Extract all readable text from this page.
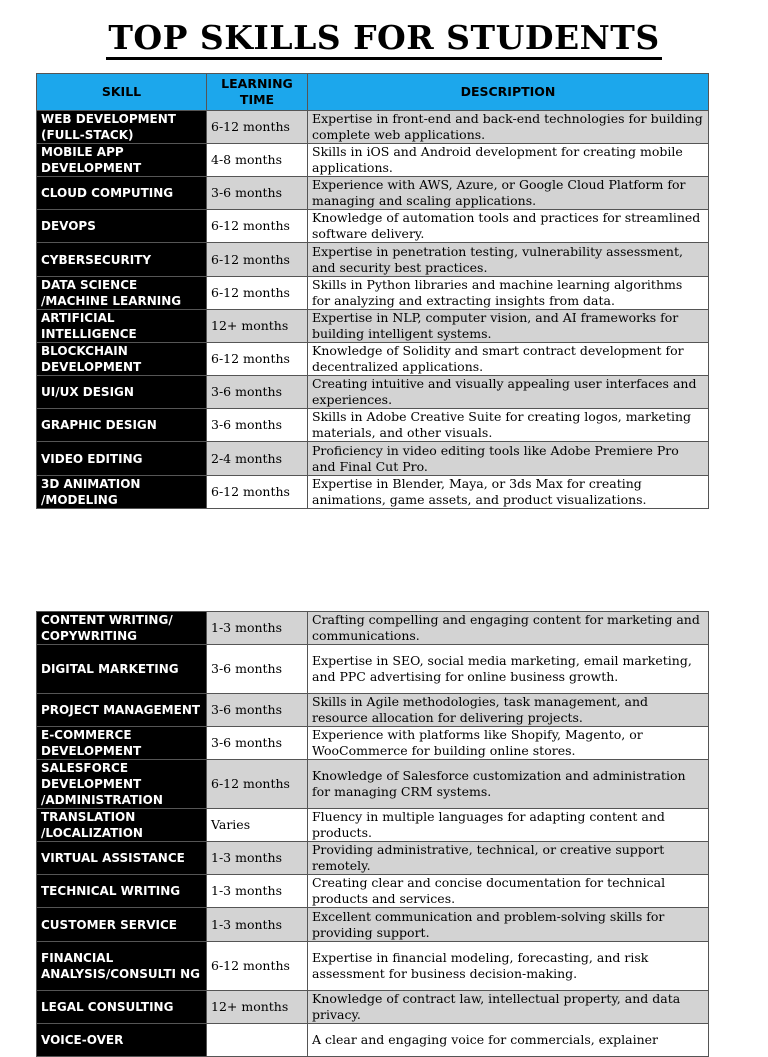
TOP SKILLS FOR STUDENTS
SKILL	LEARNING TIME	DESCRIPTION
WEB DEVELOPMENT (FULL-STACK)	6-12 months	Expertise in front-end and back-end technologies for building complete web applications.
MOBILE APP DEVELOPMENT	4-8 months	Skills in iOS and Android development for creating mobile applications.
CLOUD COMPUTING	3-6 months	Experience with AWS, Azure, or Google Cloud Platform for managing and scaling applications.
DEVOPS	6-12 months	Knowledge of automation tools and practices for streamlined software delivery.
CYBERSECURITY	6-12 months	Expertise in penetration testing, vulnerability assessment, and security best practices.
DATA SCIENCE /MACHINE LEARNING	6-12 months	Skills in Python libraries and machine learning algorithms for analyzing and extracting insights from data.
ARTIFICIAL INTELLIGENCE	12+ months	Expertise in NLP, computer vision, and AI frameworks for building intelligent systems.
BLOCKCHAIN DEVELOPMENT	6-12 months	Knowledge of Solidity and smart contract development for decentralized applications.
UI/UX DESIGN	3-6 months	Creating intuitive and visually appealing user interfaces and experiences.
GRAPHIC DESIGN	3-6 months	Skills in Adobe Creative Suite for creating logos, marketing materials, and other visuals.
VIDEO EDITING	2-4 months	Proficiency in video editing tools like Adobe Premiere Pro and Final Cut Pro.
3D ANIMATION /MODELING	6-12 months	Expertise in Blender, Maya, or 3ds Max for creating animations, game assets, and product visualizations.
CONTENT WRITING/ COPYWRITING	1-3 months	Crafting compelling and engaging content for marketing and communications.
DIGITAL MARKETING	3-6 months	Expertise in SEO, social media marketing, email marketing, and PPC advertising for online business growth.
PROJECT MANAGEMENT	3-6 months	Skills in Agile methodologies, task management, and resource allocation for delivering projects.
E-COMMERCE DEVELOPMENT	3-6 months	Experience with platforms like Shopify, Magento, or WooCommerce for building online stores.
SALESFORCE DEVELOPMENT /ADMINISTRATION	6-12 months	Knowledge of Salesforce customization and administration for managing CRM systems.
TRANSLATION /LOCALIZATION	Varies	Fluency in multiple languages for adapting content and products.
VIRTUAL ASSISTANCE	1-3 months	Providing administrative, technical, or creative support remotely.
TECHNICAL WRITING	1-3 months	Creating clear and concise documentation for technical products and services.
CUSTOMER SERVICE	1-3 months	Excellent communication and problem-solving skills for providing support.
FINANCIAL ANALYSIS/CONSULTI NG	6-12 months	Expertise in financial modeling, forecasting, and risk assessment for business decision-making.
LEGAL CONSULTING	12+ months	Knowledge of contract law, intellectual property, and data privacy.
VOICE-OVER		A clear and engaging voice for commercials, explainer
